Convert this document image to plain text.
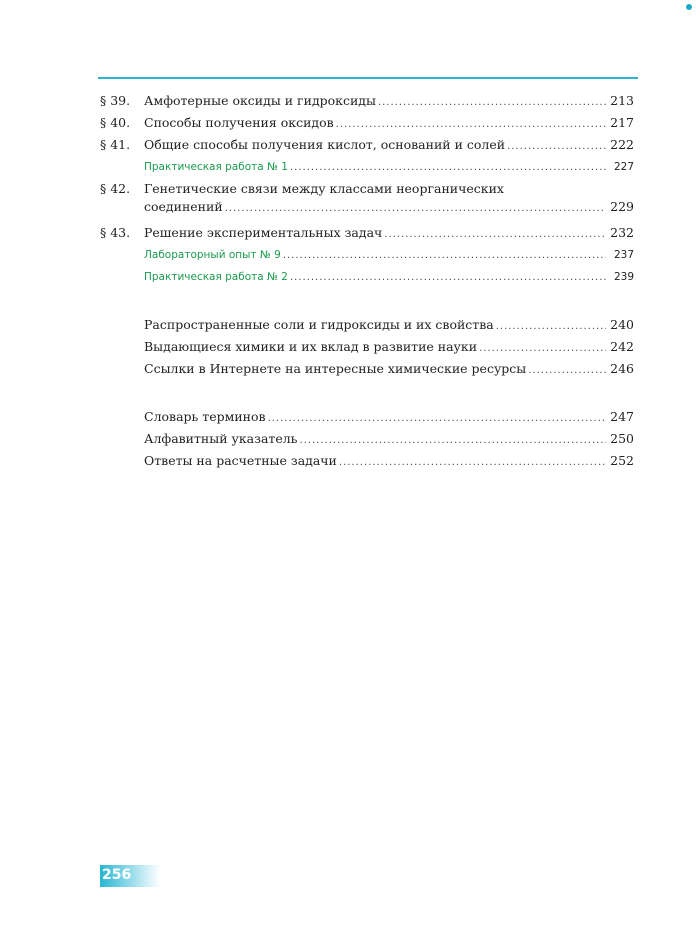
§ 39.	Амфотерные оксиды и гидроксиды .....	213
§ 40.	Способы получения оксидов .....	217
§ 41.	Общие способы получения кислот, оснований и солей .....	222
Практическая работа № 1 .....	227
§ 42.	Генетические связи между классами неорганических
соединений .....	229
§ 43.	Решение экспериментальных задач .....	232
Лабораторный опыт № 9 .....	237
Практическая работа № 2 .....	239
Распространенные соли и гидроксиды и их свойства .....	240
Выдающиеся химики и их вклад в развитие науки .....	242
Ссылки в Интернете на интересные химические ресурсы .....	246
Словарь терминов .....	247
Алфавитный указатель .....	250
Ответы на расчетные задачи .....	252
256
